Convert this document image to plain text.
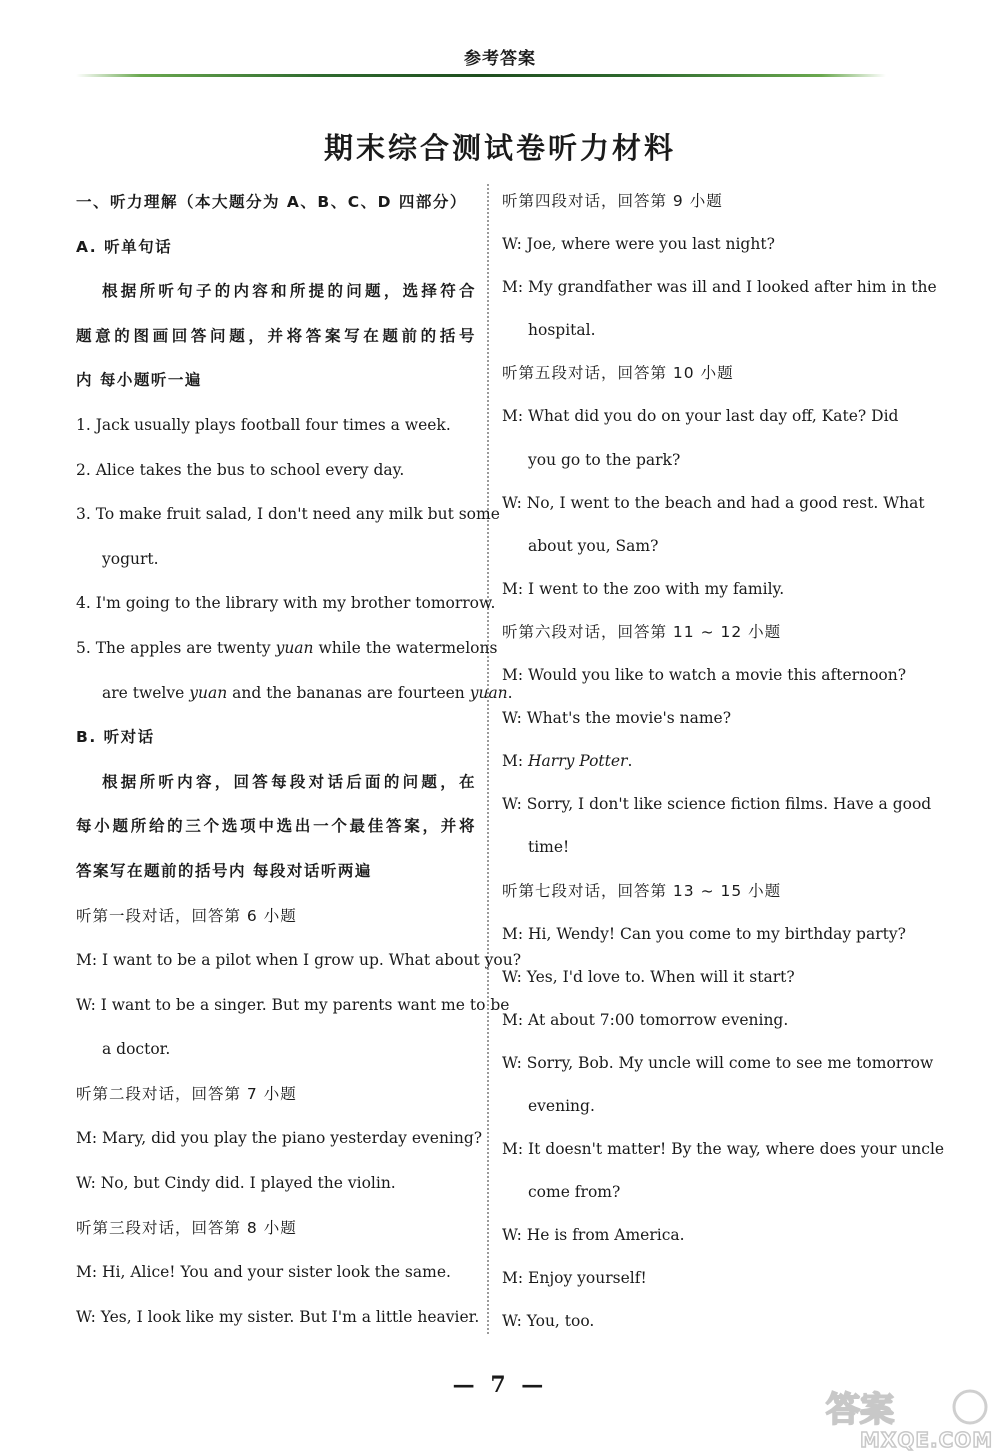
参考答案
期末综合测试卷听力材料
一、听力理解（本大题分为 A、B、C、D 四部分）
A. 听单句话
根据所听句子的内容和所提的问题，选择符合
题意的图画回答问题，并将答案写在题前的括号
内 每小题听一遍
1. Jack usually plays football four times a week.
2. Alice takes the bus to school every day.
3. To make fruit salad, I don't need any milk but some
yogurt.
4. I'm going to the library with my brother tomorrow.
5. The apples are twenty yuan while the watermelons
are twelve yuan and the bananas are fourteen yuan.
B. 听对话
根据所听内容，回答每段对话后面的问题，在
每小题所给的三个选项中选出一个最佳答案，并将
答案写在题前的括号内 每段对话听两遍
听第一段对话，回答第 6 小题
M: I want to be a pilot when I grow up. What about you?
W: I want to be a singer. But my parents want me to be
a doctor.
听第二段对话，回答第 7 小题
M: Mary, did you play the piano yesterday evening?
W: No, but Cindy did. I played the violin.
听第三段对话，回答第 8 小题
M: Hi, Alice! You and your sister look the same.
W: Yes, I look like my sister. But I'm a little heavier.
听第四段对话，回答第 9 小题
W: Joe, where were you last night?
M: My grandfather was ill and I looked after him in the
hospital.
听第五段对话，回答第 10 小题
M: What did you do on your last day off, Kate? Did
you go to the park?
W: No, I went to the beach and had a good rest. What
about you, Sam?
M: I went to the zoo with my family.
听第六段对话，回答第 11 ~ 12 小题
M: Would you like to watch a movie this afternoon?
W: What's the movie's name?
M: Harry Potter.
W: Sorry, I don't like science fiction films. Have a good
time!
听第七段对话，回答第 13 ~ 15 小题
M: Hi, Wendy! Can you come to my birthday party?
W: Yes, I'd love to. When will it start?
M: At about 7:00 tomorrow evening.
W: Sorry, Bob. My uncle will come to see me tomorrow
evening.
M: It doesn't matter! By the way, where does your uncle
come from?
W: He is from America.
M: Enjoy yourself!
W: You, too.
— 7 —
答案
MXQE.COM
